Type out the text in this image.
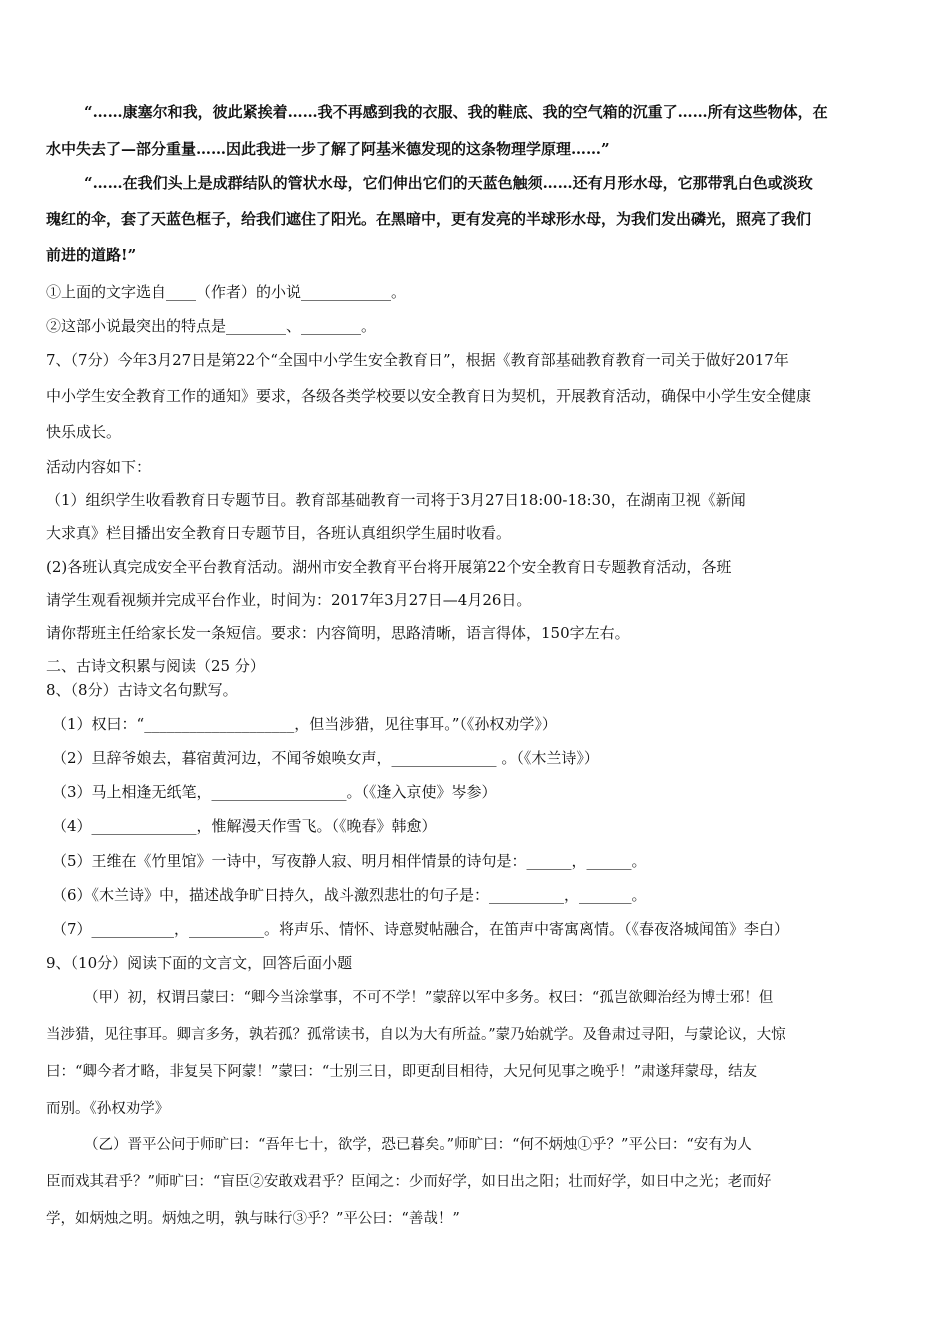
“……康塞尔和我，彼此紧挨着……我不再感到我的衣服、我的鞋底、我的空气箱的沉重了……所有这些物体，在
水中失去了—部分重量……因此我进一步了解了阿基米德发现的这条物理学原理……”
“……在我们头上是成群结队的管状水母，它们伸出它们的天蓝色触须……还有月形水母，它那带乳白色或淡玫
瑰红的伞，套了天蓝色框子，给我们遮住了阳光。在黑暗中，更有发亮的半球形水母，为我们发出磷光，照亮了我们
前进的道路!”
①上面的文字选自____（作者）的小说____________。
②这部小说最突出的特点是________、________。
7、（7分）今年3月27日是第22个“全国中小学生安全教育日”，根据《教育部基础教育教育一司关于做好2017年
中小学生安全教育工作的通知》要求，各级各类学校要以安全教育日为契机，开展教育活动，确保中小学生安全健康
快乐成长。
活动内容如下：
（1）组织学生收看教育日专题节目。教育部基础教育一司将于3月27日18:00-18:30，在湖南卫视《新闻
大求真》栏目播出安全教育日专题节目，各班认真组织学生届时收看。
(2)各班认真完成安全平台教育活动。湖州市安全教育平台将开展第22个安全教育日专题教育活动，各班
请学生观看视频并完成平台作业，时间为：2017年3月27日—4月26日。
请你帮班主任给家长发一条短信。要求：内容简明，思路清晰，语言得体，150字左右。
二、古诗文积累与阅读（25 分）
8、（8分）古诗文名句默写。
（1）权曰：“____________________，但当涉猎，见往事耳。”（《孙权劝学》）
（2）旦辞爷娘去，暮宿黄河边，不闻爷娘唤女声，______________ 。（《木兰诗》）
（3）马上相逢无纸笔，__________________。（《逢入京使》岑参）
（4）______________，惟解漫天作雪飞。（《晚春》韩愈）
（5）王维在《竹里馆》一诗中，写夜静人寂、明月相伴情景的诗句是：______，______。
（6）《木兰诗》中，描述战争旷日持久，战斗激烈悲壮的句子是：__________，_______。
（7）___________，__________。将声乐、情怀、诗意熨帖融合，在笛声中寄寓离情。（《春夜洛城闻笛》李白）
9、（10分）阅读下面的文言文，回答后面小题
（甲）初，权谓吕蒙曰：“卿今当涂掌事，不可不学！”蒙辞以军中多务。权曰：“孤岂欲卿治经为博士邪！但
当涉猎，见往事耳。卿言多务，孰若孤？孤常读书，自以为大有所益。”蒙乃始就学。及鲁肃过寻阳，与蒙论议，大惊
曰：“卿今者才略，非复吴下阿蒙！”蒙曰：“士别三日，即更刮目相待，大兄何见事之晚乎！”肃遂拜蒙母，结友
而别。《孙权劝学》
（乙）晋平公问于师旷曰：“吾年七十，欲学，恐已暮矣。”师旷曰：“何不炳烛①乎？”平公曰：“安有为人
臣而戏其君乎？”师旷曰：“盲臣②安敢戏君乎？臣闻之：少而好学，如日出之阳；壮而好学，如日中之光；老而好
学，如炳烛之明。炳烛之明，孰与昧行③乎？”平公曰：“善哉！”
